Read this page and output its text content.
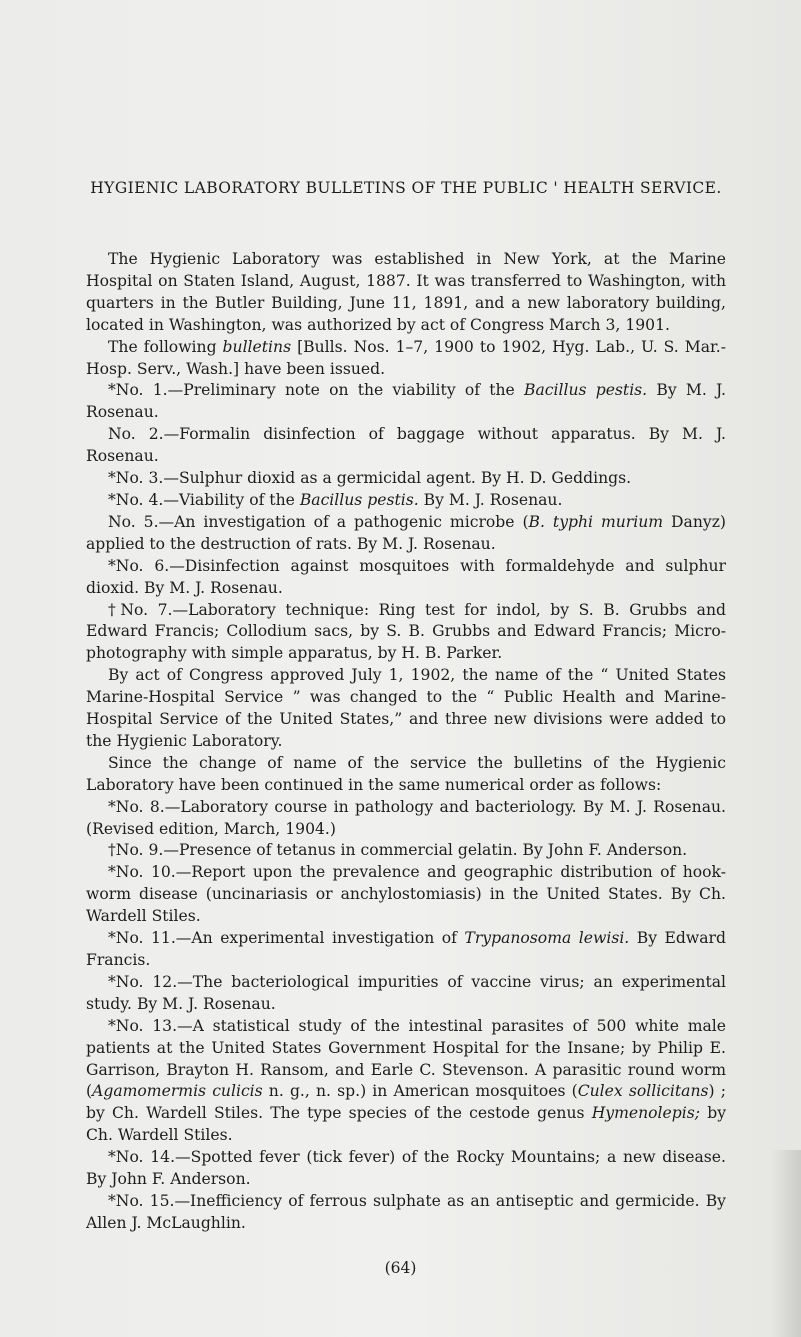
HYGIENIC LABORATORY BULLETINS OF THE PUBLIC ' HEALTH SERVICE.

The Hygienic Laboratory was established in New York, at the Marine Hospital on Staten Island, August, 1887. It was transferred to Washington, with quarters in the Butler Building, June 11, 1891, and a new laboratory building, located in Washington, was authorized by act of Congress March 3, 1901.

The following bulletins [Bulls. Nos. 1–7, 1900 to 1902, Hyg. Lab., U. S. Mar.-Hosp. Serv., Wash.] have been issued.

*No. 1.—Preliminary note on the viability of the Bacillus pestis. By M. J. Rosenau.

No. 2.—Formalin disinfection of baggage without apparatus. By M. J. Rosenau.

*No. 3.—Sulphur dioxid as a germicidal agent. By H. D. Geddings.

*No. 4.—Viability of the Bacillus pestis. By M. J. Rosenau.

No. 5.—An investigation of a pathogenic microbe (B. typhi murium Danyz) applied to the destruction of rats. By M. J. Rosenau.

*No. 6.—Disinfection against mosquitoes with formaldehyde and sulphur dioxid. By M. J. Rosenau.

†No. 7.—Laboratory technique: Ring test for indol, by S. B. Grubbs and Edward Francis; Collodium sacs, by S. B. Grubbs and Edward Francis; Micro-photography with simple apparatus, by H. B. Parker.

By act of Congress approved July 1, 1902, the name of the “ United States Marine-Hospital Service ” was changed to the “ Public Health and Marine-Hospital Service of the United States,” and three new divisions were added to the Hygienic Laboratory.

Since the change of name of the service the bulletins of the Hygienic Laboratory have been continued in the same numerical order as follows:

*No. 8.—Laboratory course in pathology and bacteriology. By M. J. Rosenau. (Revised edition, March, 1904.)

†No. 9.—Presence of tetanus in commercial gelatin. By John F. Anderson.

*No. 10.—Report upon the prevalence and geographic distribution of hook-worm disease (uncinariasis or anchylostomiasis) in the United States. By Ch. Wardell Stiles.

*No. 11.—An experimental investigation of Trypanosoma lewisi. By Edward Francis.

*No. 12.—The bacteriological impurities of vaccine virus; an experimental study. By M. J. Rosenau.

*No. 13.—A statistical study of the intestinal parasites of 500 white male patients at the United States Government Hospital for the Insane; by Philip E. Garrison, Brayton H. Ransom, and Earle C. Stevenson. A parasitic round worm (Agamomermis culicis n. g., n. sp.) in American mosquitoes (Culex sollicitans) ; by Ch. Wardell Stiles. The type species of the cestode genus Hymenolepis; by Ch. Wardell Stiles.

*No. 14.—Spotted fever (tick fever) of the Rocky Mountains; a new disease. By John F. Anderson.

*No. 15.—Inefficiency of ferrous sulphate as an antiseptic and germicide. By Allen J. McLaughlin.

(64)
